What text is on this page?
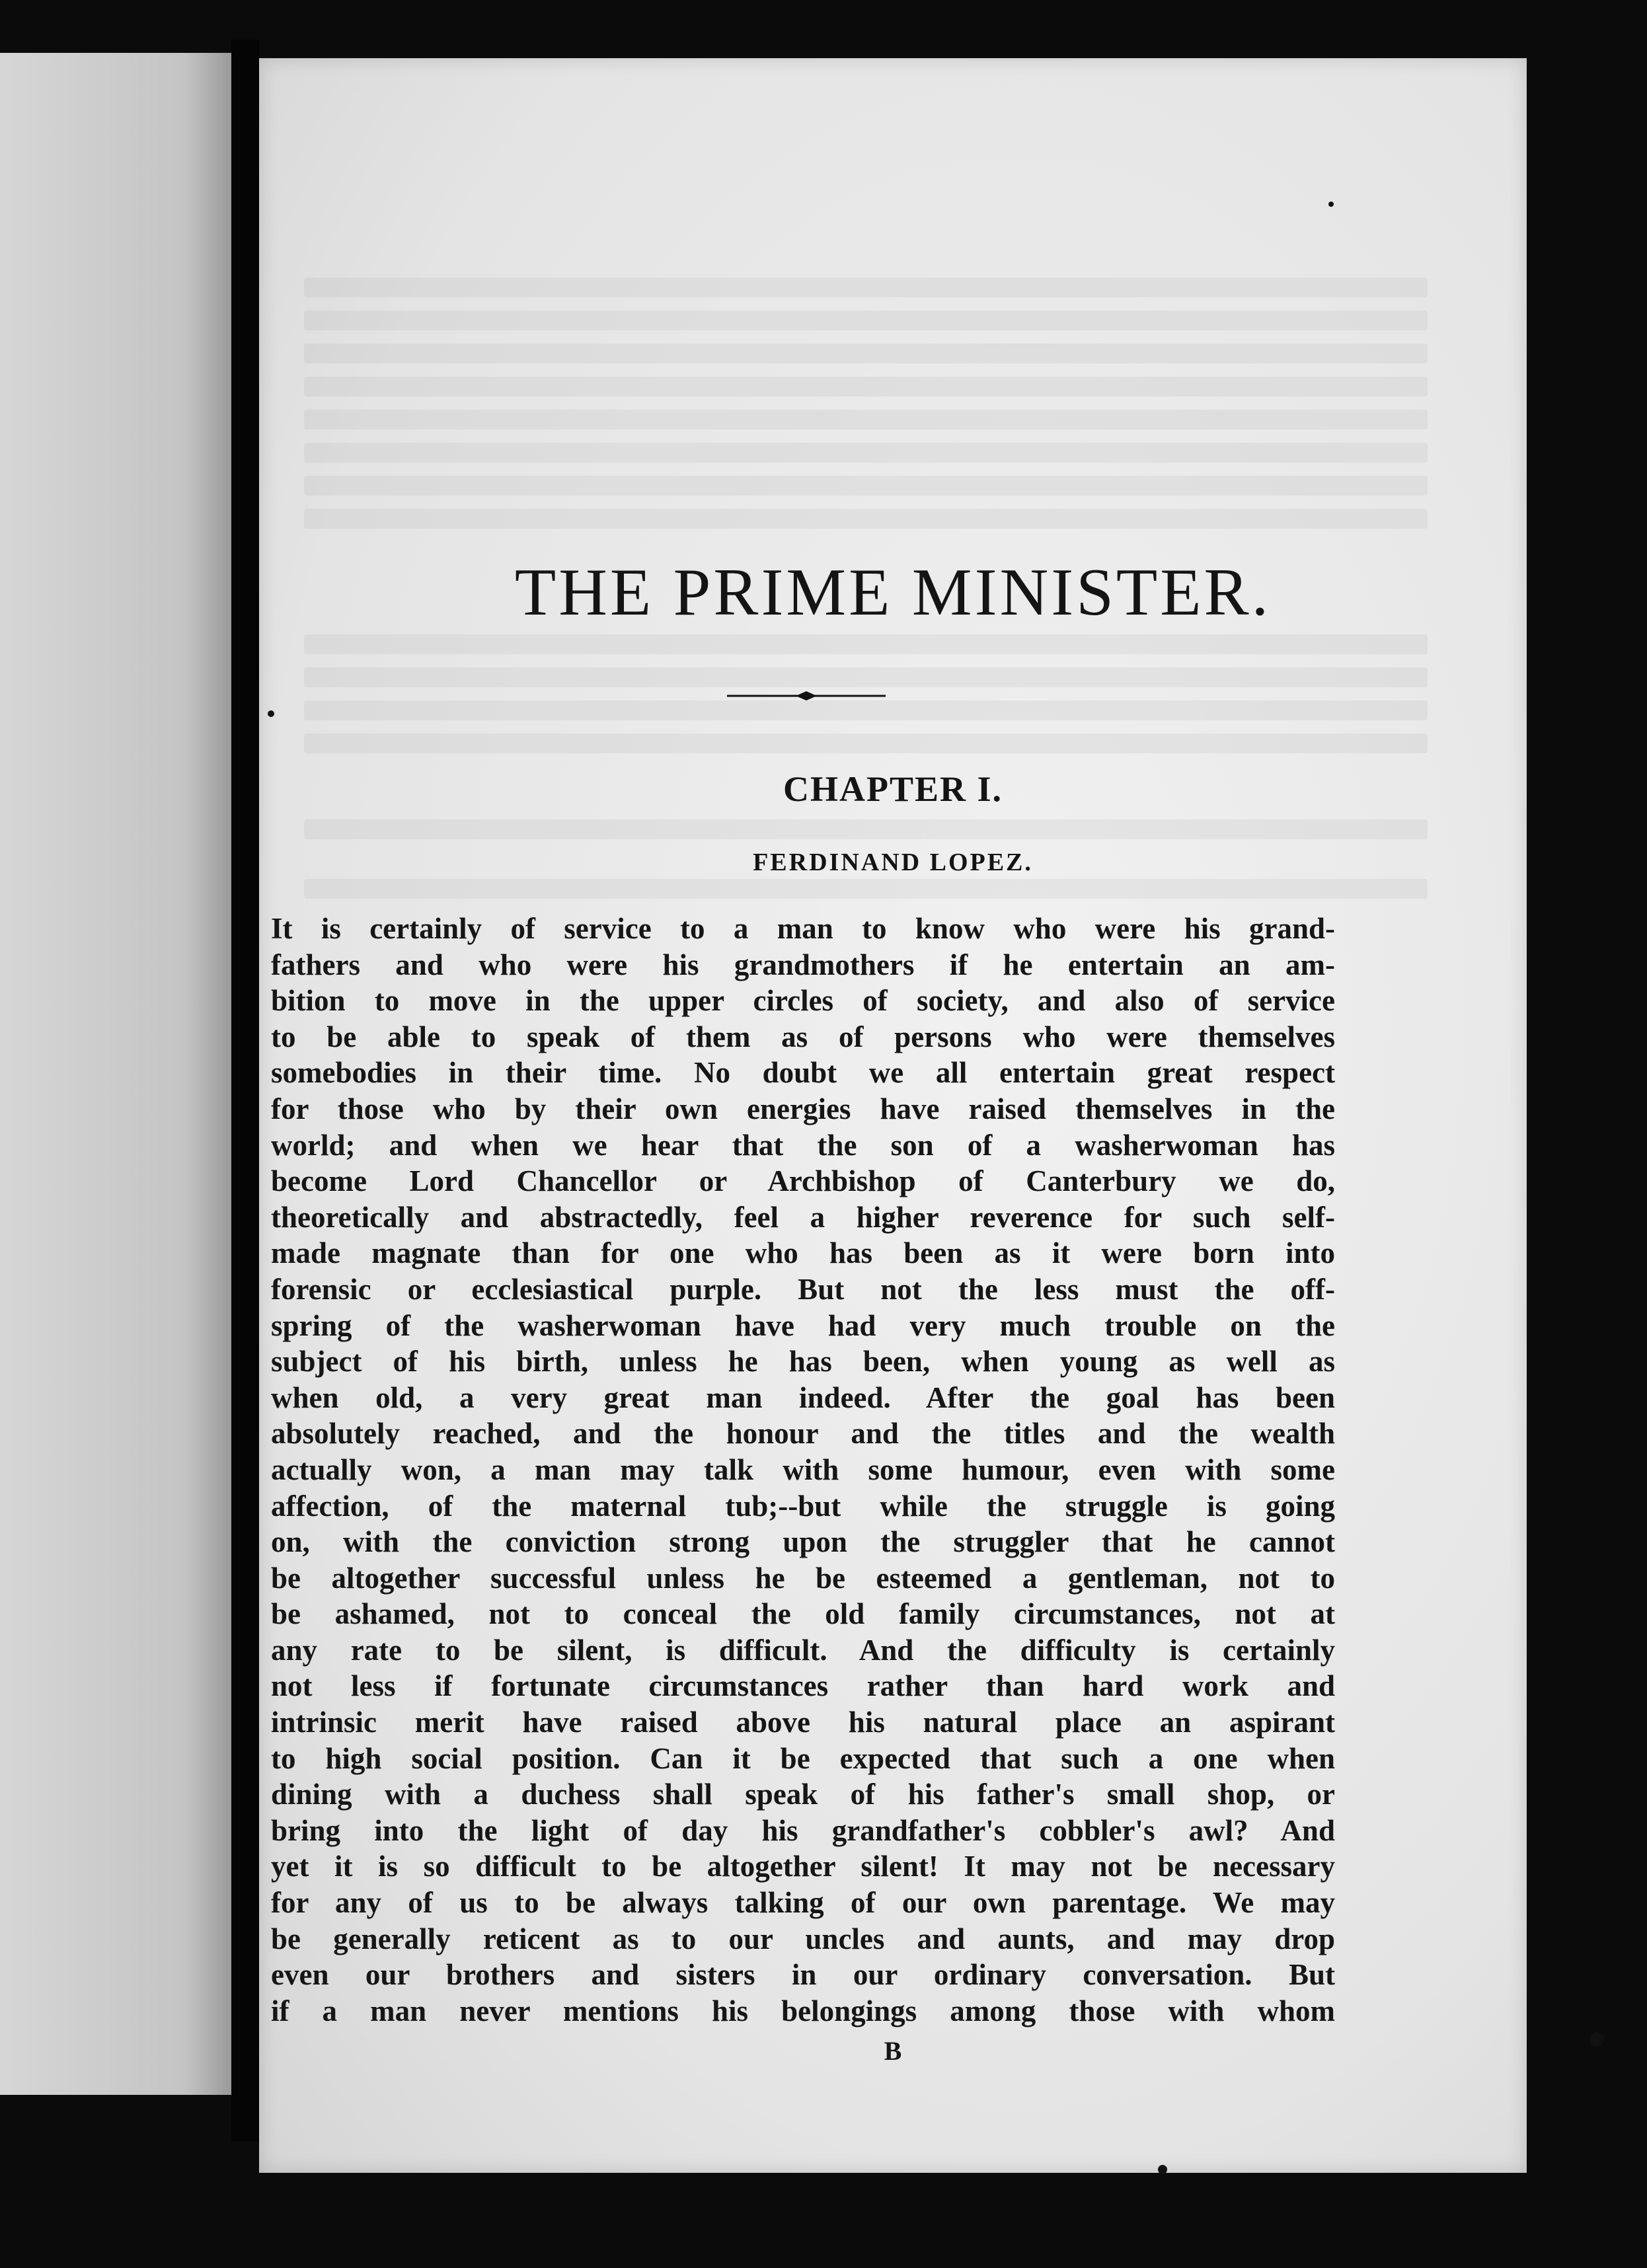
THE PRIME MINISTER.
CHAPTER I.
FERDINAND LOPEZ.
It is certainly of service to a man to know who were his grand-
fathers and who were his grandmothers if he entertain an am-
bition to move in the upper circles of society, and also of service
to be able to speak of them as of persons who were themselves
somebodies in their time. No doubt we all entertain great respect
for those who by their own energies have raised themselves in the
world; and when we hear that the son of a washerwoman has
become Lord Chancellor or Archbishop of Canterbury we do,
theoretically and abstractedly, feel a higher reverence for such self-
made magnate than for one who has been as it were born into
forensic or ecclesiastical purple. But not the less must the off-
spring of the washerwoman have had very much trouble on the
subject of his birth, unless he has been, when young as well as
when old, a very great man indeed. After the goal has been
absolutely reached, and the honour and the titles and the wealth
actually won, a man may talk with some humour, even with some
affection, of the maternal tub;--but while the struggle is going
on, with the conviction strong upon the struggler that he cannot
be altogether successful unless he be esteemed a gentleman, not to
be ashamed, not to conceal the old family circumstances, not at
any rate to be silent, is difficult. And the difficulty is certainly
not less if fortunate circumstances rather than hard work and
intrinsic merit have raised above his natural place an aspirant
to high social position. Can it be expected that such a one when
dining with a duchess shall speak of his father's small shop, or
bring into the light of day his grandfather's cobbler's awl? And
yet it is so difficult to be altogether silent! It may not be necessary
for any of us to be always talking of our own parentage. We may
be generally reticent as to our uncles and aunts, and may drop
even our brothers and sisters in our ordinary conversation. But
if a man never mentions his belongings among those with whom

B
